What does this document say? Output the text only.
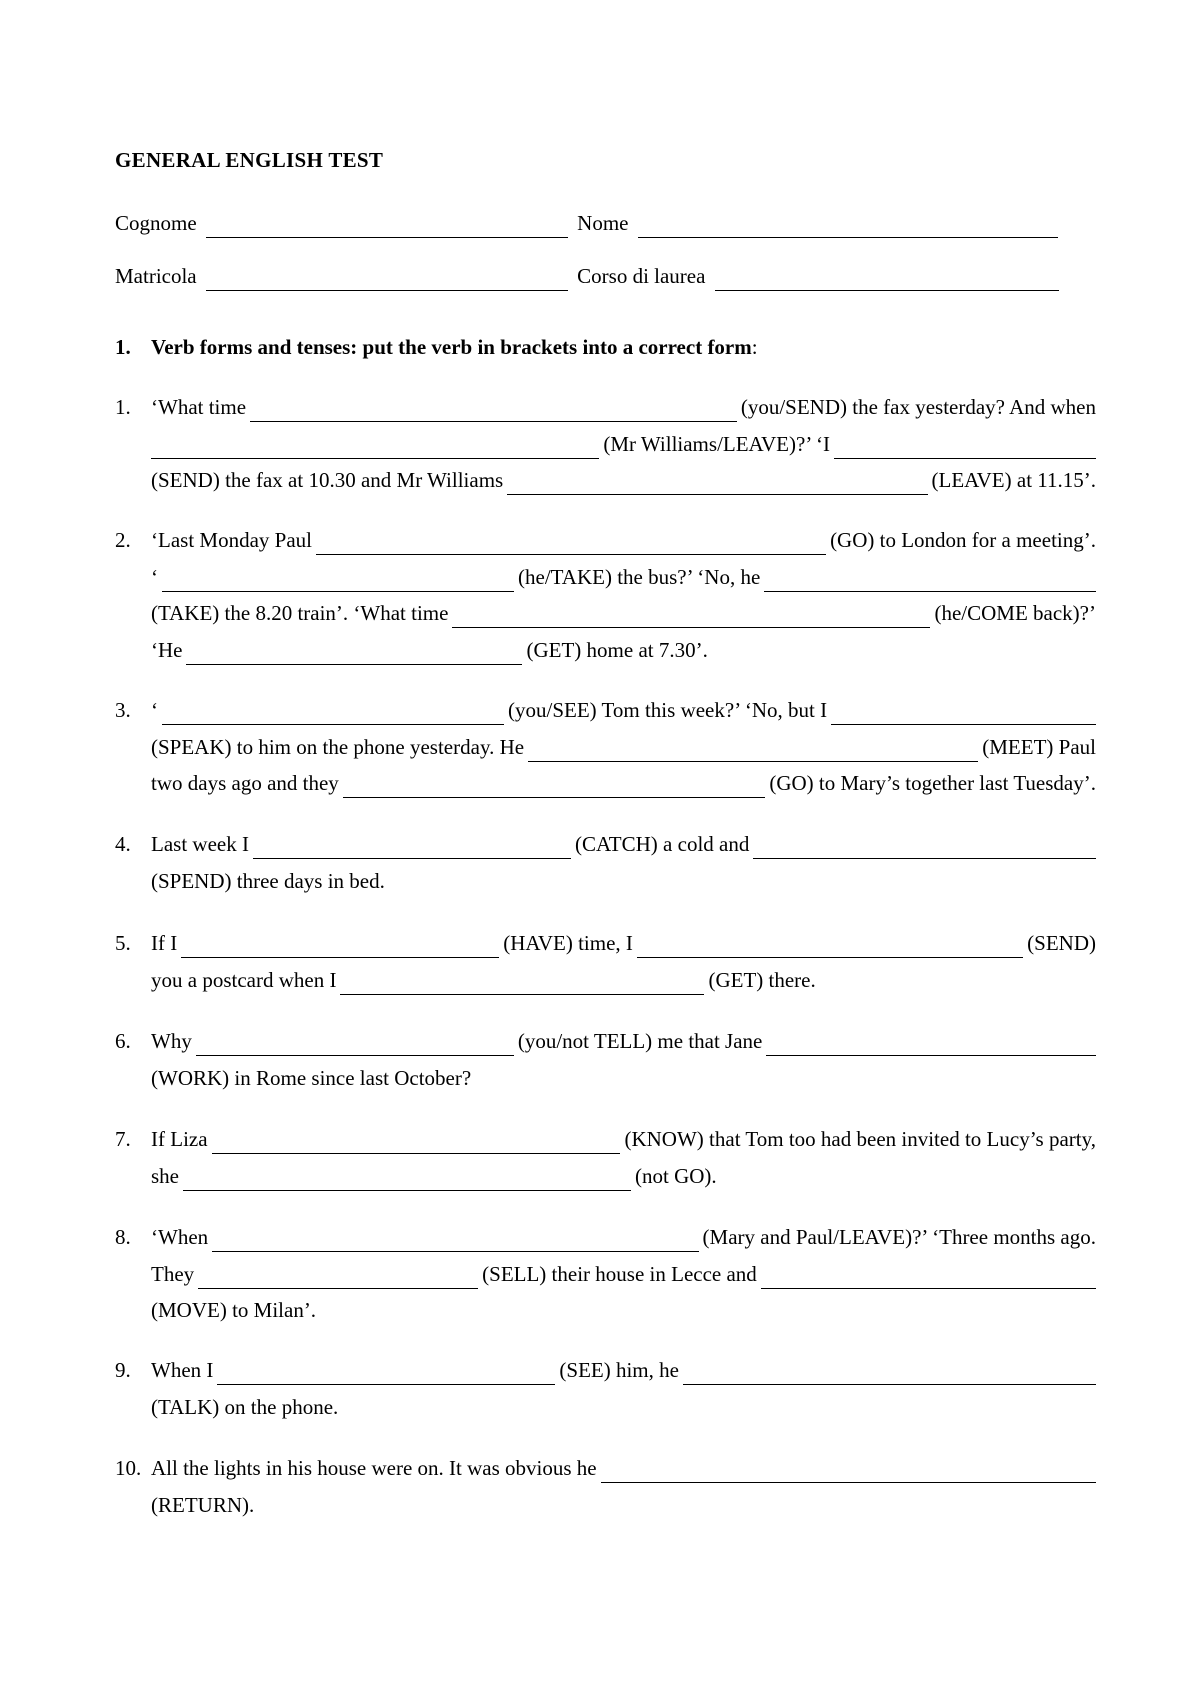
GENERAL ENGLISH TEST
Cognome	Nome
Matricola	Corso di laurea
1. Verb forms and tenses: put the verb in brackets into a correct form:
1. ‘What time	(you/SEND) the fax yesterday? And when
(Mr Williams/LEAVE)?’ ‘I
(SEND) the fax at 10.30 and Mr Williams	(LEAVE) at 11.15’.
2. ‘Last Monday Paul	(GO) to London for a meeting’.
‘	(he/TAKE) the bus?’ ‘No, he
(TAKE) the 8.20 train’. ‘What time	(he/COME back)?’
‘He	(GET) home at 7.30’.
3. ‘	(you/SEE) Tom this week?’ ‘No, but I
(SPEAK) to him on the phone yesterday. He	(MEET) Paul
two days ago and they	(GO) to Mary’s together last Tuesday’.
4. Last week I	(CATCH) a cold and
(SPEND) three days in bed.
5. If I	(HAVE) time, I	(SEND)
you a postcard when I	(GET) there.
6. Why	(you/not TELL) me that Jane
(WORK) in Rome since last October?
7. If Liza	(KNOW) that Tom too had been invited to Lucy’s party,
she	(not GO).
8. ‘When	(Mary and Paul/LEAVE)?’ ‘Three months ago.
They	(SELL) their house in Lecce and
(MOVE) to Milan’.
9. When I	(SEE) him, he
(TALK) on the phone.
10. All the lights in his house were on. It was obvious he
(RETURN).
